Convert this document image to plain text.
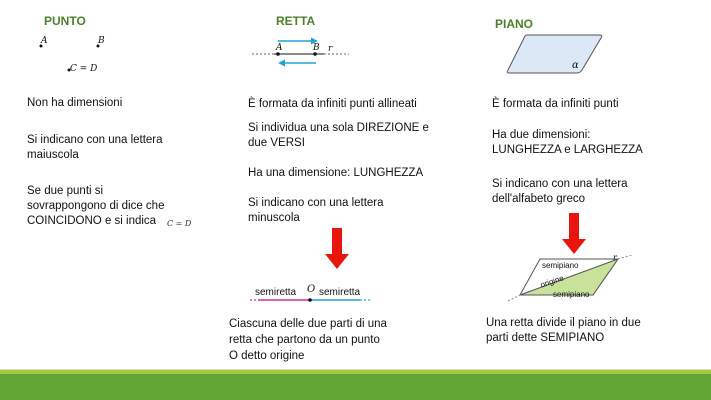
PUNTO
A	B
C = D
Non ha dimensioni
Si indicano con una lettera
maiuscola
Se due punti si
sovrappongono di dice che
COINCIDONO e si indica C = D
RETTA
A	B r
È formata da infiniti punti allineati
Si individua una sola DIREZIONE e
due VERSI
Ha una dimensione: LUNGHEZZA
Si indicano con una lettera
minuscola
semiretta O semiretta
Ciascuna delle due parti di una
retta che partono da un punto
O detto origine
PIANO
α
È formata da infiniti punti
Ha due dimensioni:
LUNGHEZZA e LARGHEZZA
Si indicano con una lettera
dell'alfabeto greco
semipiano
origine
semipiano
r
Una retta divide il piano in due
parti dette SEMIPIANO
